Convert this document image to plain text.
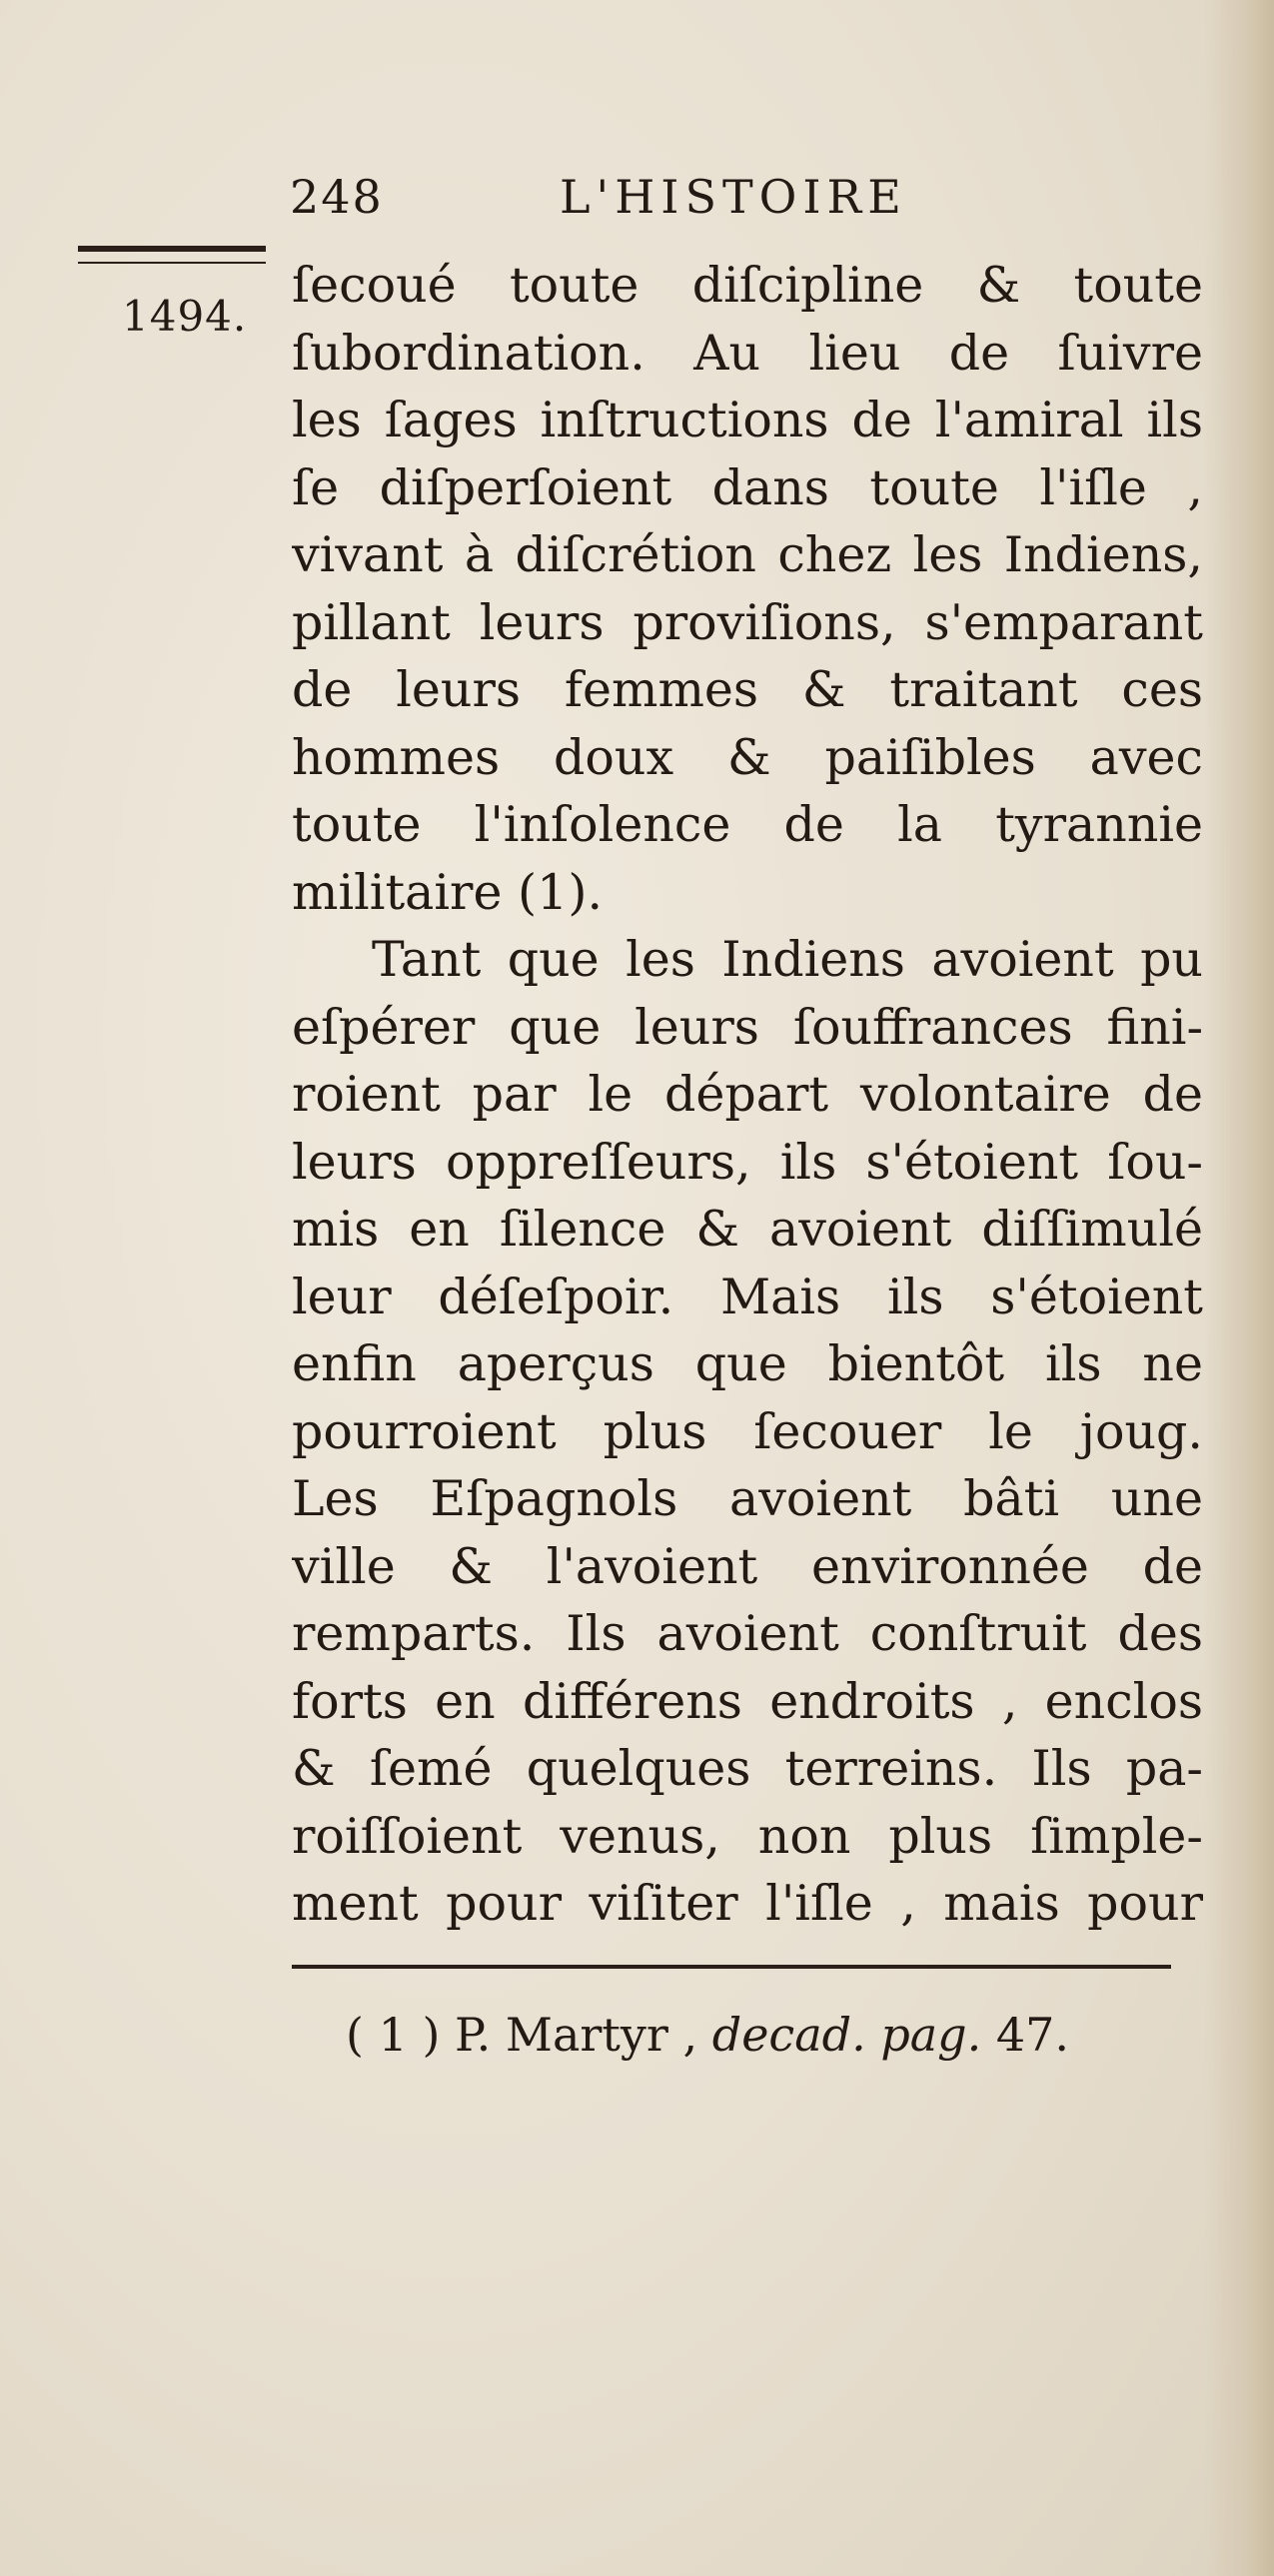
248	L'HISTOIRE
1494.
ſecoué toute diſcipline & toute
ſubordination. Au lieu de ſuivre
les ſages inſtructions de l'amiral ils
ſe diſperſoient dans toute l'iſle ,
vivant à diſcrétion chez les Indiens,
pillant leurs proviſions, s'emparant
de leurs femmes & traitant ces
hommes doux & paiſibles avec
toute l'inſolence de la tyrannie
militaire (1).
Tant que les Indiens avoient pu
eſpérer que leurs ſouffrances fini-
roient par le départ volontaire de
leurs oppreſſeurs, ils s'étoient ſou-
mis en ſilence & avoient diſſimulé
leur déſeſpoir. Mais ils s'étoient
enfin aperçus que bientôt ils ne
pourroient plus ſecouer le joug.
Les Eſpagnols avoient bâti une
ville & l'avoient environnée de
remparts. Ils avoient conſtruit des
forts en différens endroits , enclos
& ſemé quelques terreins. Ils pa-
roiſſoient venus, non plus ſimple-
ment pour viſiter l'iſle , mais pour
( 1 ) P. Martyr , decad. pag. 47.
